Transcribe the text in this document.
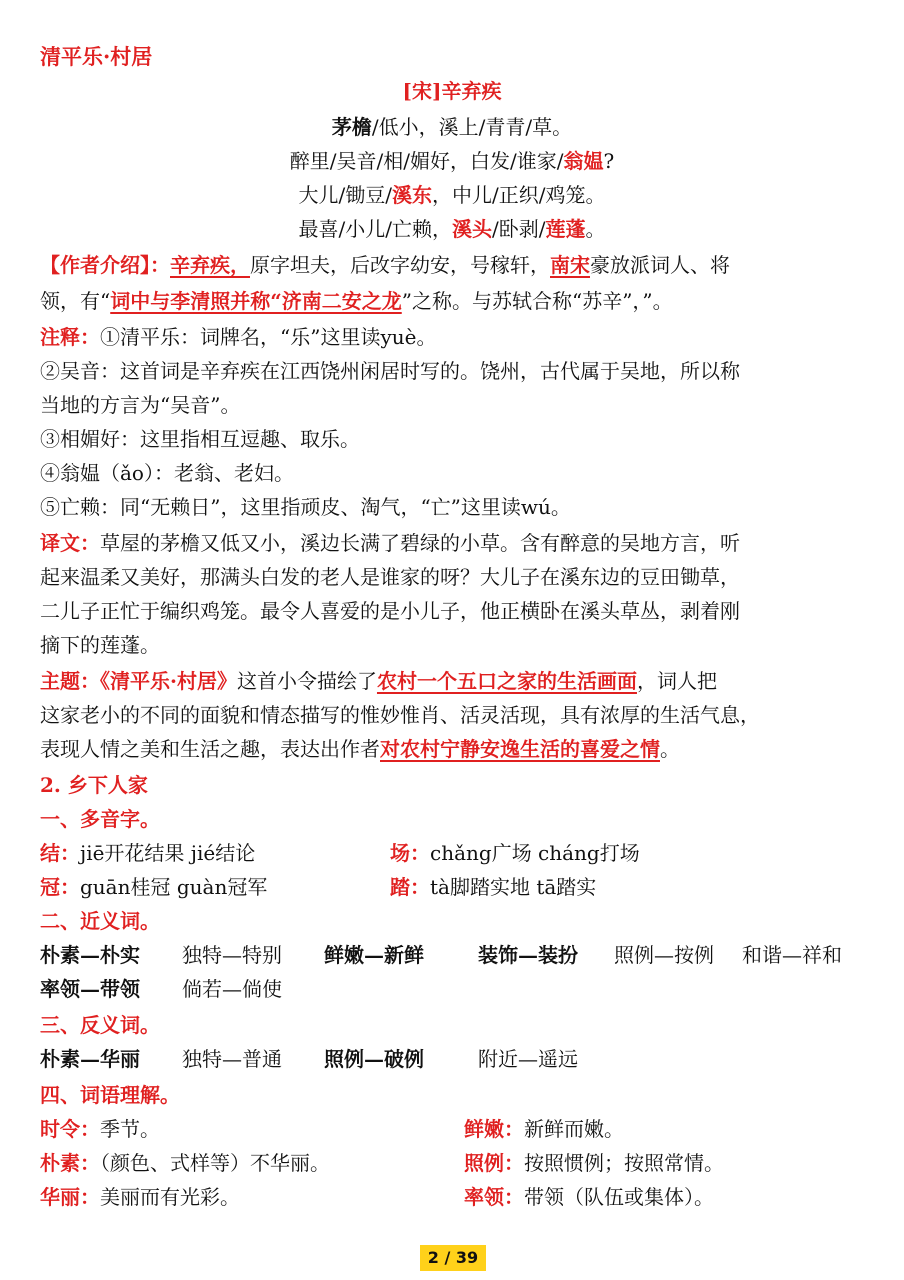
清平乐·村居
[宋]辛弃疾
茅檐/低小，溪上/青青/草。
醉里/吴音/相/媚好，白发/谁家/翁媪?
大儿/锄豆/溪东，中儿/正织/鸡笼。
最喜/小儿/亡赖，溪头/卧剥/莲蓬。
【作者介绍】：辛弃疾，原字坦夫，后改字幼安，号稼轩，南宋豪放派词人、将
领，有“词中与李清照并称“济南二安之龙”之称。与苏轼合称“苏辛”，”。
注释：①清平乐：词牌名，“乐”这里读yuè。
②吴音：这首词是辛弃疾在江西饶州闲居时写的。饶州，古代属于吴地，所以称
当地的方言为“吴音”。
③相媚好：这里指相互逗趣、取乐。
④翁媪（ǎo）：老翁、老妇。
⑤亡赖：同“无赖日”，这里指顽皮、淘气，“亡”这里读wú。
译文：草屋的茅檐又低又小，溪边长满了碧绿的小草。含有醉意的吴地方言，听
起来温柔又美好，那满头白发的老人是谁家的呀？大儿子在溪东边的豆田锄草，
二儿子正忙于编织鸡笼。最令人喜爱的是小儿子，他正横卧在溪头草丛，剥着刚
摘下的莲蓬。
主题：《清平乐·村居》这首小令描绘了农村一个五口之家的生活画面，词人把
这家老小的不同的面貌和情态描写的惟妙惟肖、活灵活现，具有浓厚的生活气息，
表现人情之美和生活之趣，表达出作者对农村宁静安逸生活的喜爱之情。
2. 乡下人家
一、多音字。
结：jiē开花结果 jié结论	场：chǎng广场 cháng打场
冠：guān桂冠 guàn冠军	踏：tà脚踏实地 tā踏实
二、近义词。
朴素—朴实 独特—特别 鲜嫩—新鲜	装饰—装扮 照例—按例 和谐—祥和
率领—带领 倘若—倘使
三、反义词。
朴素—华丽 独特—普通 照例—破例	附近—遥远
四、词语理解。
时令：季节。	鲜嫩：新鲜而嫩。
朴素：（颜色、式样等）不华丽。	照例：按照惯例；按照常情。
华丽：美丽而有光彩。	率领：带领（队伍或集体）。
2 / 39
